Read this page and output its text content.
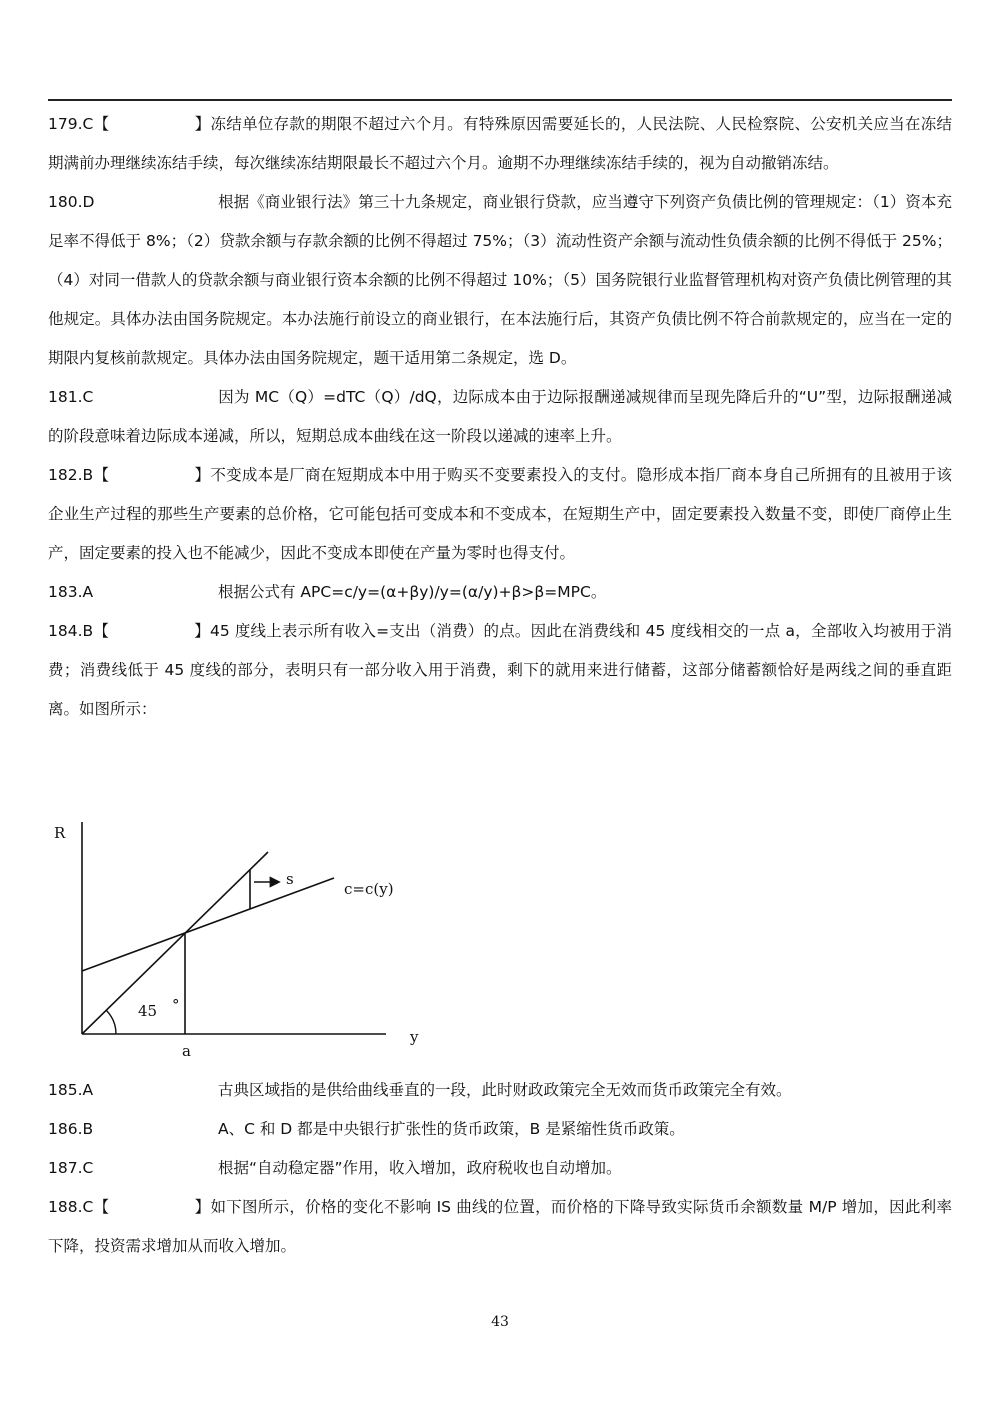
179.C【	】冻结单位存款的期限不超过六个月。有特殊原因需要延长的，人民法院、人民检察院、公安机关应当在冻结期满前办理继续冻结手续，每次继续冻结期限最长不超过六个月。逾期不办理继续冻结手续的，视为自动撤销冻结。

180.D	根据《商业银行法》第三十九条规定，商业银行贷款，应当遵守下列资产负债比例的管理规定：（1）资本充足率不得低于 8%；（2）贷款余额与存款余额的比例不得超过 75%；（3）流动性资产余额与流动性负债余额的比例不得低于 25%；（4）对同一借款人的贷款余额与商业银行资本余额的比例不得超过 10%；（5）国务院银行业监督管理机构对资产负债比例管理的其他规定。具体办法由国务院规定。本办法施行前设立的商业银行，在本法施行后，其资产负债比例不符合前款规定的，应当在一定的期限内复核前款规定。具体办法由国务院规定，题干适用第二条规定，选 D。

181.C	因为 MC（Q）=dTC（Q）/dQ，边际成本由于边际报酬递减规律而呈现先降后升的“U”型，边际报酬递减的阶段意味着边际成本递减，所以，短期总成本曲线在这一阶段以递减的速率上升。

182.B【	】不变成本是厂商在短期成本中用于购买不变要素投入的支付。隐形成本指厂商本身自己所拥有的且被用于该企业生产过程的那些生产要素的总价格，它可能包括可变成本和不变成本，在短期生产中，固定要素投入数量不变，即使厂商停止生产，固定要素的投入也不能减少，因此不变成本即使在产量为零时也得支付。

183.A	根据公式有 APC=c/y=(α+βy)/y=(α/y)+β>β=MPC。

184.B【	】45 度线上表示所有收入=支出（消费）的点。因此在消费线和 45 度线相交的一点 a，全部收入均被用于消费；消费线低于 45 度线的部分，表明只有一部分收入用于消费，剩下的就用来进行储蓄，这部分储蓄额恰好是两线之间的垂直距离。如图所示：

R
y
s
c=c(y)
45 °
a

185.A	古典区域指的是供给曲线垂直的一段，此时财政政策完全无效而货币政策完全有效。

186.B	A、C 和 D 都是中央银行扩张性的货币政策，B 是紧缩性货币政策。

187.C	根据“自动稳定器”作用，收入增加，政府税收也自动增加。

188.C【	】如下图所示，价格的变化不影响 IS 曲线的位置，而价格的下降导致实际货币余额数量 M/P 增加，因此利率下降，投资需求增加从而收入增加。

43
